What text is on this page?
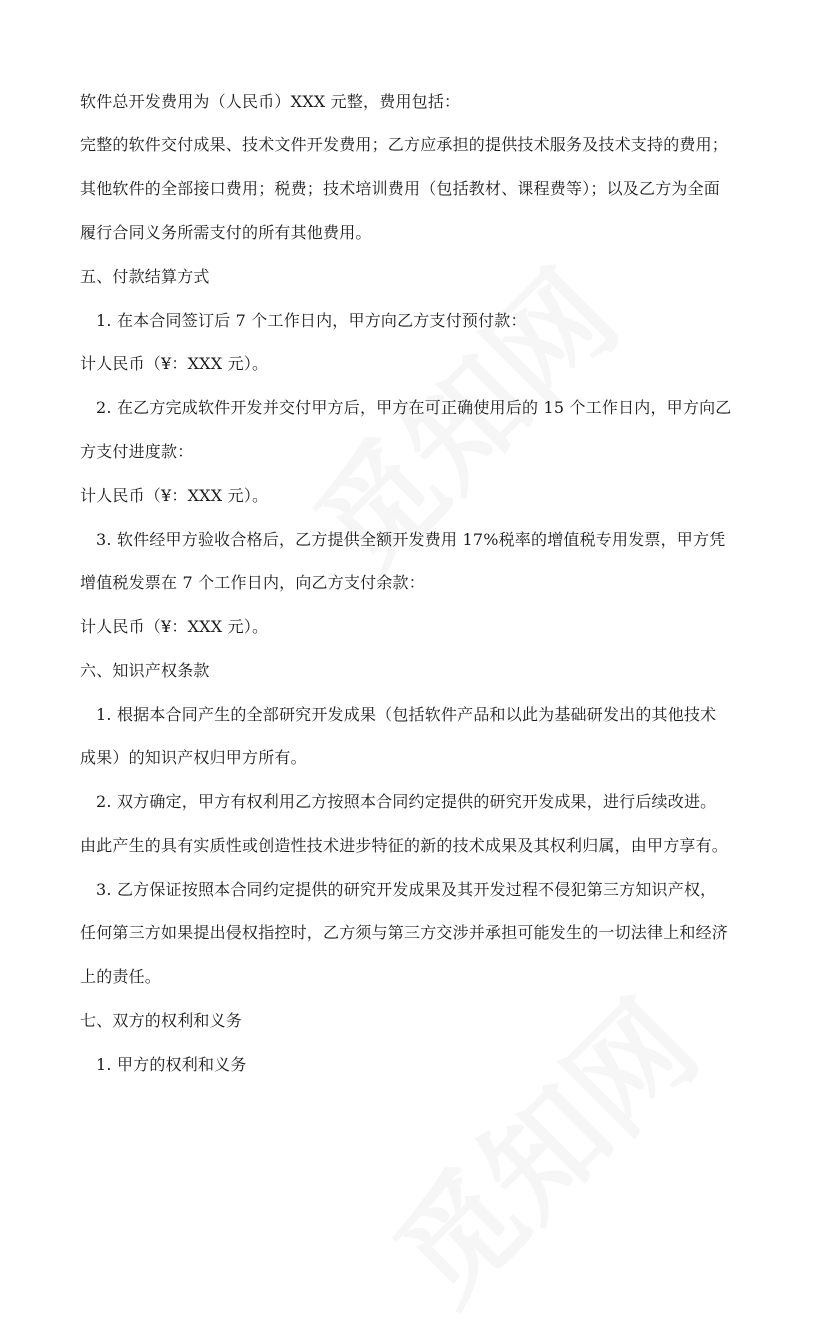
软件总开发费用为（人民币）XXX 元整，费用包括：
完整的软件交付成果、技术文件开发费用；乙方应承担的提供技术服务及技术支持的费用；
其他软件的全部接口费用；税费；技术培训费用（包括教材、课程费等）；以及乙方为全面
履行合同义务所需支付的所有其他费用。
五、付款结算方式
1. 在本合同签订后 7 个工作日内，甲方向乙方支付预付款：
计人民币（¥：XXX 元）。
2. 在乙方完成软件开发并交付甲方后，甲方在可正确使用后的 15 个工作日内，甲方向乙
方支付进度款：
计人民币（¥：XXX 元）。
3. 软件经甲方验收合格后，乙方提供全额开发费用 17%税率的增值税专用发票，甲方凭
增值税发票在 7 个工作日内，向乙方支付余款：
计人民币（¥：XXX 元）。
六、知识产权条款
1. 根据本合同产生的全部研究开发成果（包括软件产品和以此为基础研发出的其他技术
成果）的知识产权归甲方所有。
2. 双方确定，甲方有权利用乙方按照本合同约定提供的研究开发成果，进行后续改进。
由此产生的具有实质性或创造性技术进步特征的新的技术成果及其权利归属，由甲方享有。
3. 乙方保证按照本合同约定提供的研究开发成果及其开发过程不侵犯第三方知识产权，
任何第三方如果提出侵权指控时，乙方须与第三方交涉并承担可能发生的一切法律上和经济
上的责任。
七、双方的权利和义务
1. 甲方的权利和义务
